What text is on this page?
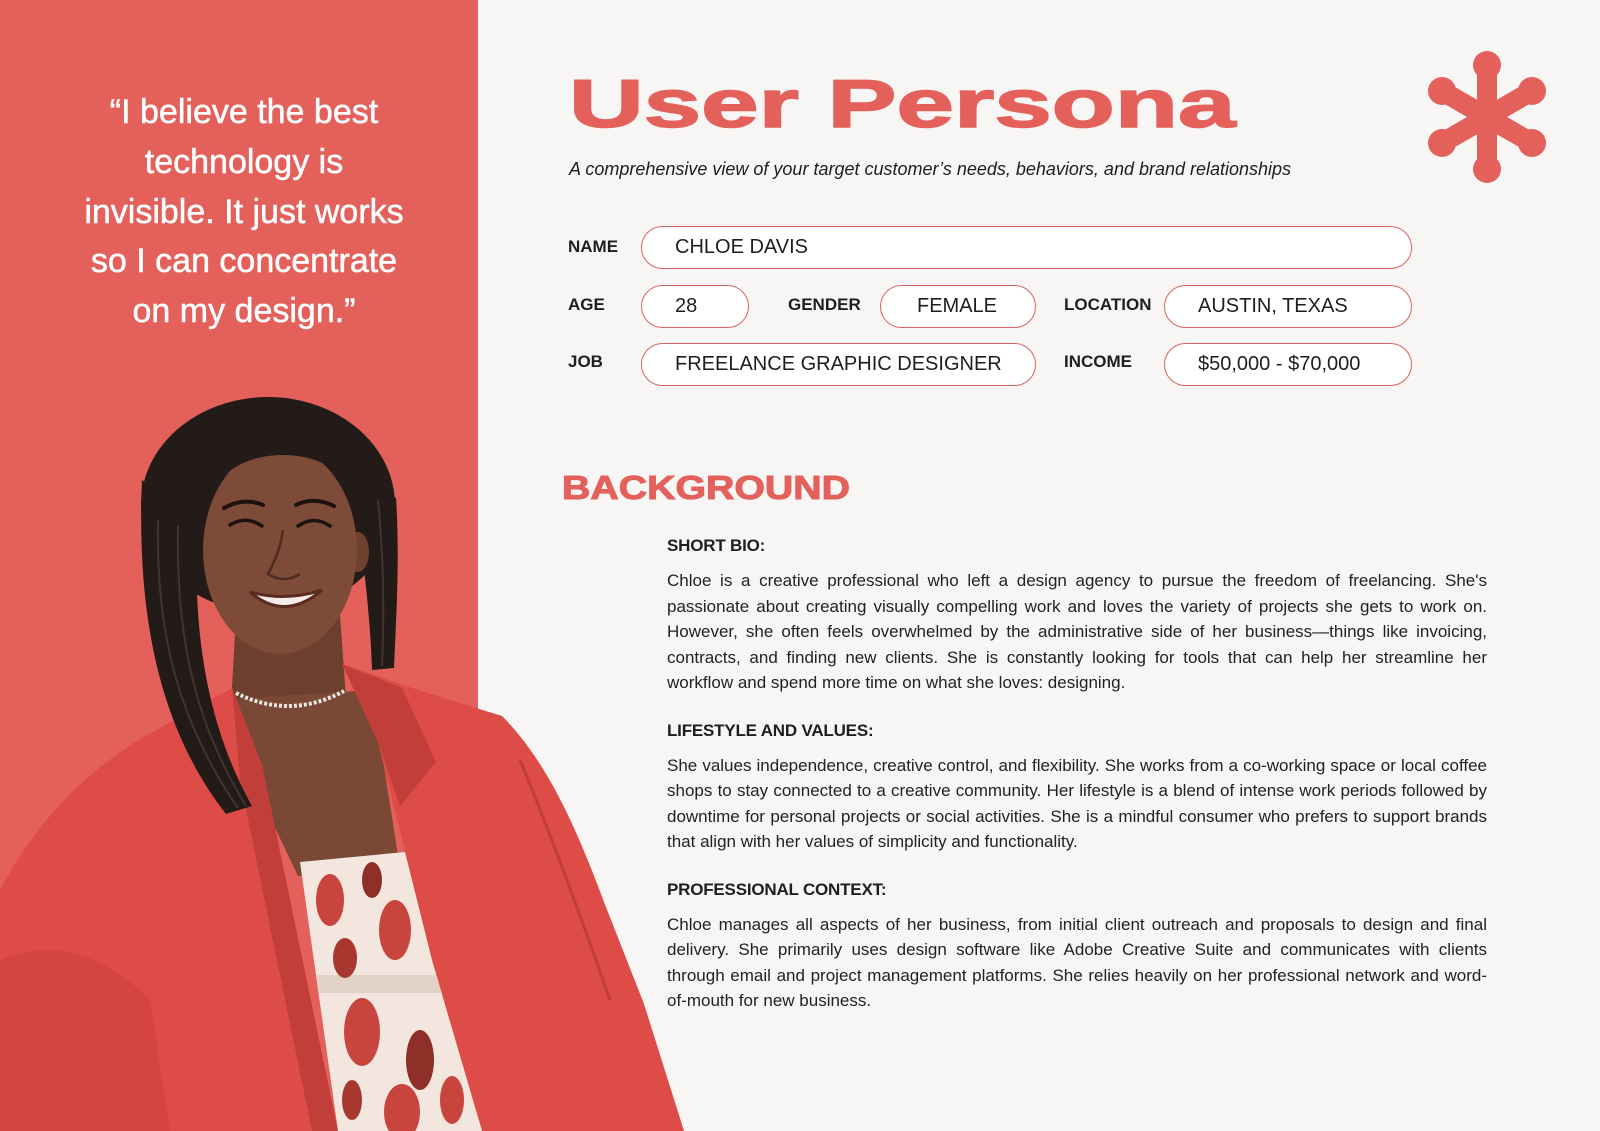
“I believe the best
technology is
invisible. It just works
so I can concentrate
on my design.”
User Persona
A comprehensive view of your target customer’s needs, behaviors, and brand relationships
NAME	CHLOE DAVIS
AGE	28	GENDER	FEMALE	LOCATION	AUSTIN, TEXAS
JOB	FREELANCE GRAPHIC DESIGNER	INCOME	$50,000 - $70,000
BACKGROUND
SHORT BIO:

Chloe is a creative professional who left a design agency to pursue the freedom of freelancing. She's passionate about creating visually compelling work and loves the variety of projects she gets to work on. However, she often feels overwhelmed by the administrative side of her business—things like invoicing, contracts, and finding new clients. She is constantly looking for tools that can help her streamline her workflow and spend more time on what she loves: designing.

LIFESTYLE AND VALUES:

She values independence, creative control, and flexibility. She works from a co-working space or local coffee shops to stay connected to a creative community. Her lifestyle is a blend of intense work periods followed by downtime for personal projects or social activities. She is a mindful consumer who prefers to support brands that align with her values of simplicity and functionality.

PROFESSIONAL CONTEXT:

Chloe manages all aspects of her business, from initial client outreach and proposals to design and final delivery. She primarily uses design software like Adobe Creative Suite and communicates with clients through email and project management platforms. She relies heavily on her professional network and word-of-mouth for new business.
